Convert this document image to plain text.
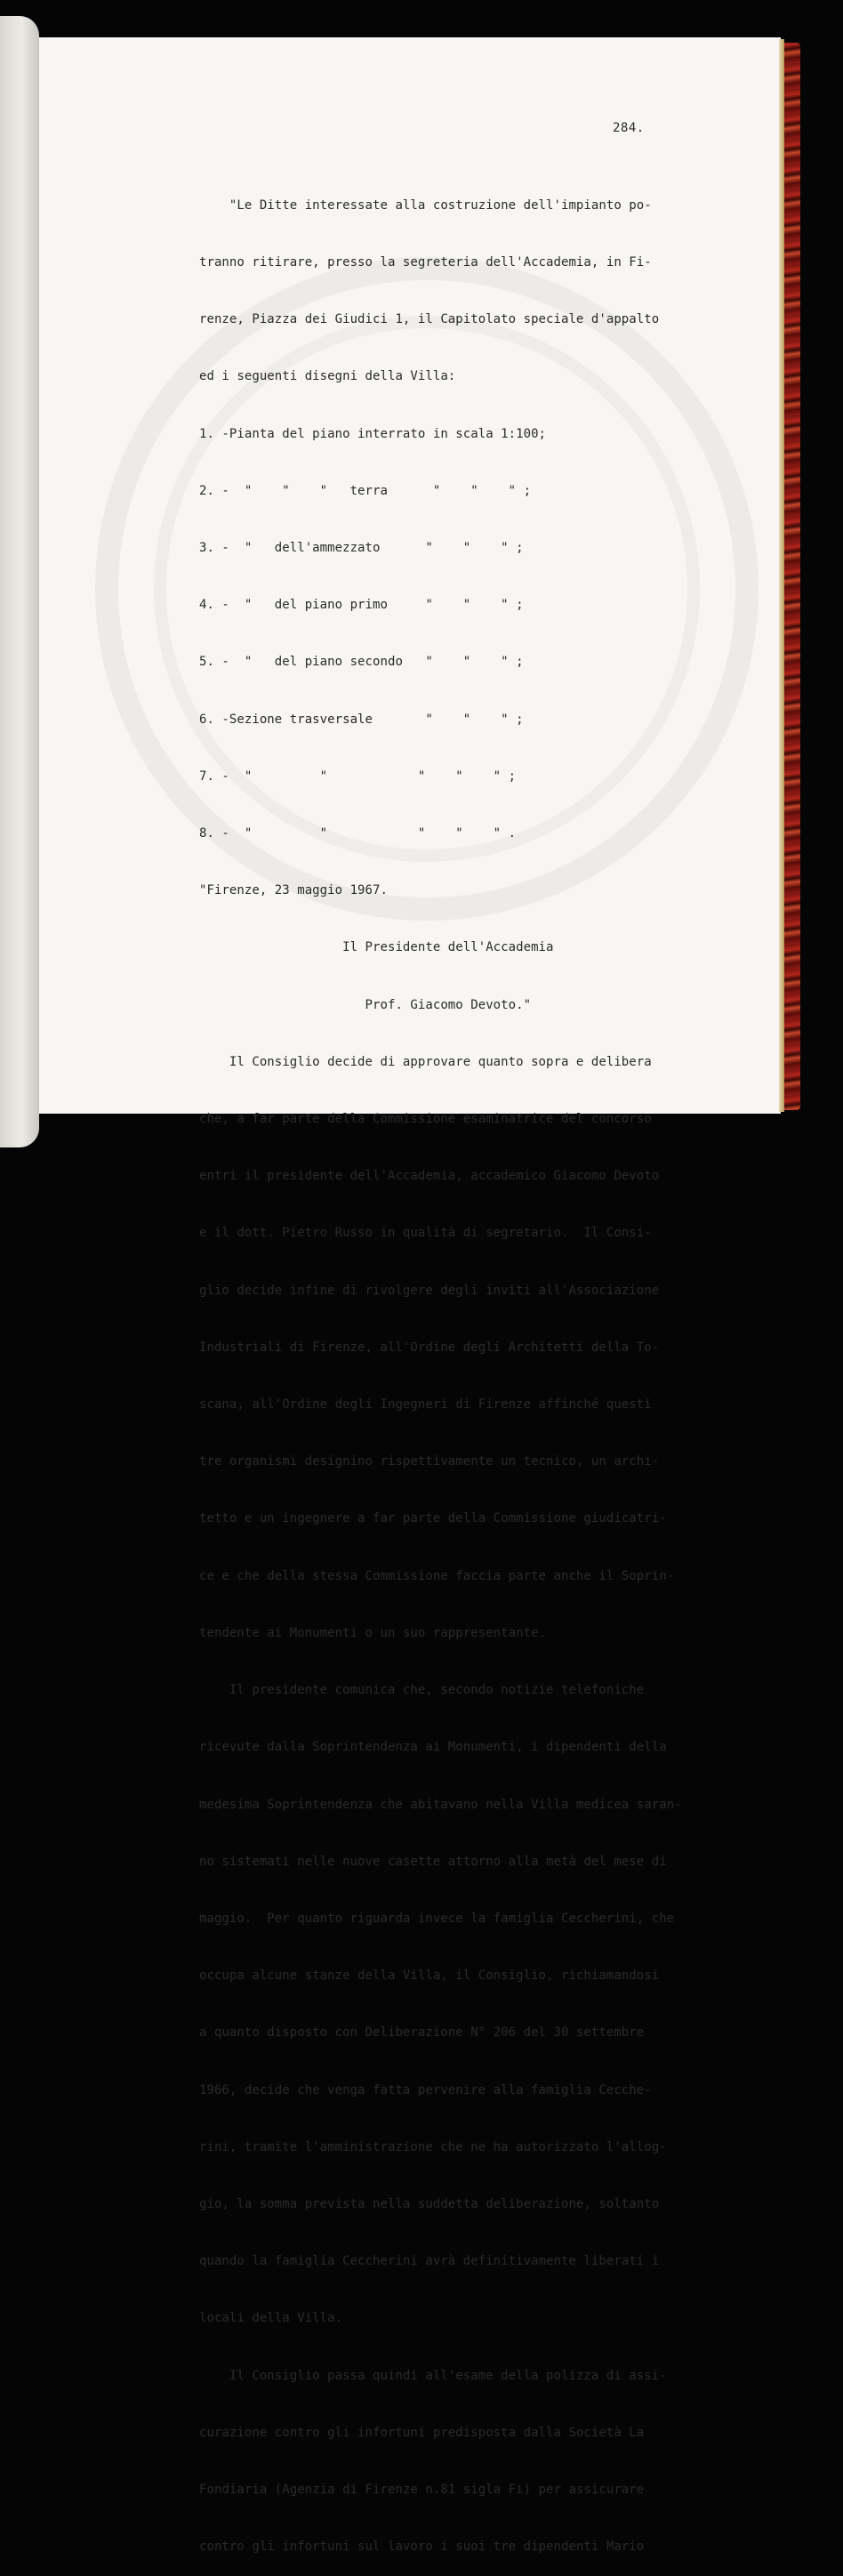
284.

"Le Ditte interessate alla costruzione dell'impianto po-

tranno ritirare, presso la segreteria dell'Accademia, in Fi-

renze, Piazza dei Giudici 1, il Capitolato speciale d'appalto

ed i seguenti disegni della Villa:

1. -Pianta del piano interrato in scala 1:100;

2. -  "    "    "   terra      "    "    " ;

3. -  "   dell'ammezzato      "    "    " ;

4. -  "   del piano primo     "    "    " ;

5. -  "   del piano secondo   "    "    " ;

6. -Sezione trasversale       "    "    " ;

7. -  "         "            "    "    " ;

8. -  "         "            "    "    " .

"Firenze, 23 maggio 1967.

Il Presidente dell'Accademia

Prof. Giacomo Devoto."

Il Consiglio decide di approvare quanto sopra e delibera

che, a far parte della Commissione esaminatrice del concorso

entri il presidente dell'Accademia, accademico Giacomo Devoto

e il dott. Pietro Russo in qualità di segretario.  Il Consi-

glio decide infine di rivolgere degli inviti all'Associazione

Industriali di Firenze, all'Ordine degli Architetti della To-

scana, all'Ordine degli Ingegneri di Firenze affinché questi

tre organismi designino rispettivamente un tecnico, un archi-

tetto e un ingegnere a far parte della Commissione giudicatri-

ce e che della stessa Commissione faccia parte anche il Soprin-

tendente ai Monumenti o un suo rappresentante.

Il presidente comunica che, secondo notizie telefoniche

ricevute dalla Soprintendenza ai Monumenti, i dipendenti della

medesima Soprintendenza che abitavano nella Villa medicea saran-

no sistemati nelle nuove casette attorno alla metà del mese di

maggio.  Per quanto riguarda invece la famiglia Ceccherini, che

occupa alcune stanze della Villa, il Consiglio, richiamandosi

a quanto disposto con Deliberazione N° 206 del 30 settembre

1966, decide che venga fatta pervenire alla famiglia Cecche-

rini, tramite l'amministrazione che ne ha autorizzato l'allog-

gio, la somma prevista nella suddetta deliberazione, soltanto

quando la famiglia Ceccherini avrà definitivamente liberati i

locali della Villa.

Il Consiglio passa quindi all'esame della polizza di assi-

curazione contro gli infortuni predisposta dalla Società La

Fondiaria (Agenzia di Firenze n.81 sigla Fi) per assicurare

contro gli infortuni sul lavoro i suoi tre dipendenti Mario
